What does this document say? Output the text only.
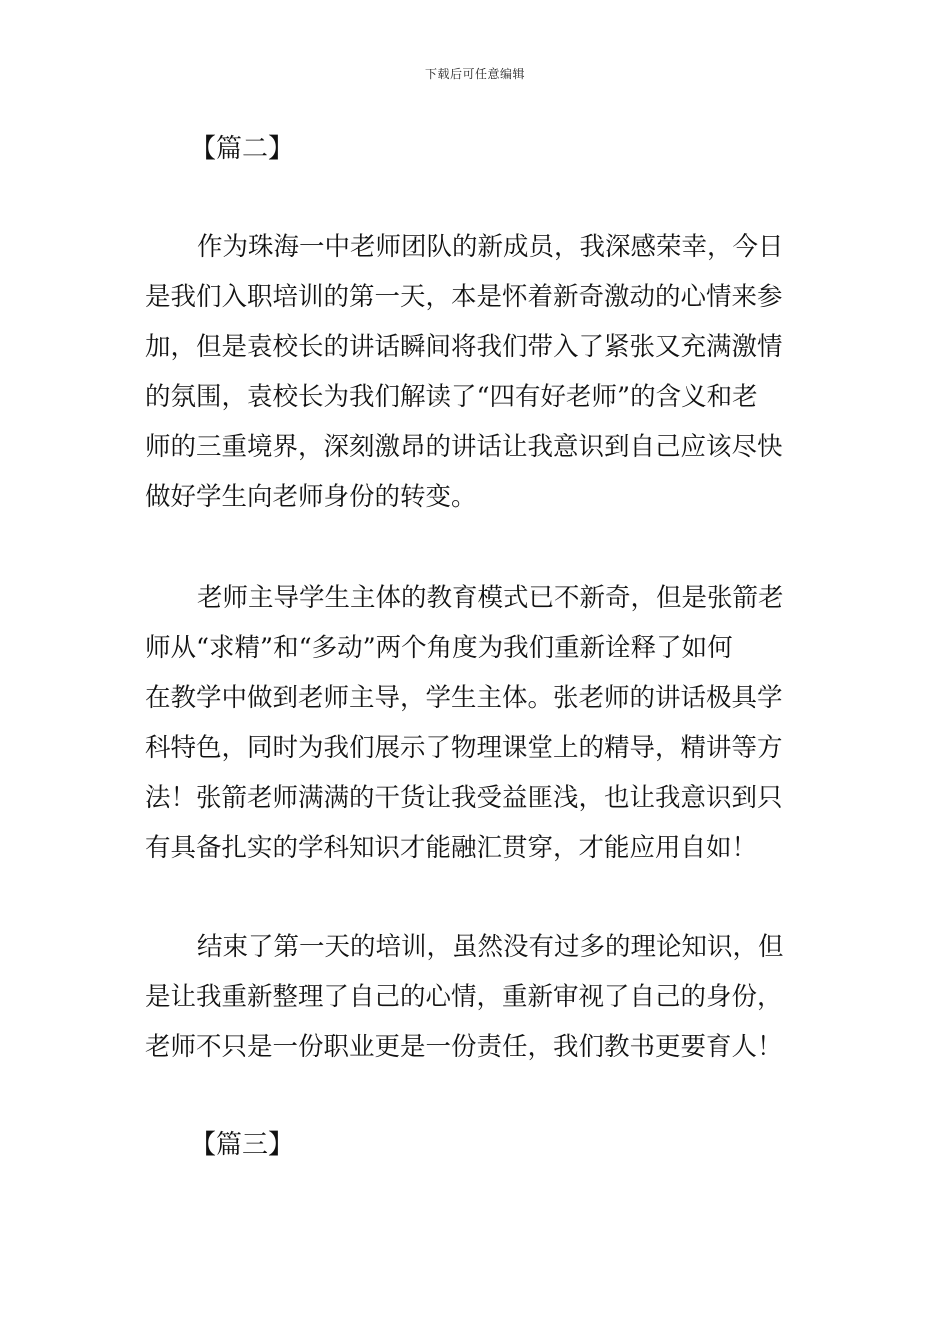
下载后可任意编辑
【篇二】
作为珠海一中老师团队的新成员，我深感荣幸，今日
是我们入职培训的第一天，本是怀着新奇激动的心情来参
加，但是袁校长的讲话瞬间将我们带入了紧张又充满激情
的氛围，袁校长为我们解读了“四有好老师”的含义和老
师的三重境界，深刻激昂的讲话让我意识到自己应该尽快
做好学生向老师身份的转变。
老师主导学生主体的教育模式已不新奇，但是张箭老
师从“求精”和“多动”两个角度为我们重新诠释了如何
在教学中做到老师主导，学生主体。张老师的讲话极具学
科特色，同时为我们展示了物理课堂上的精导，精讲等方
法！张箭老师满满的干货让我受益匪浅，也让我意识到只
有具备扎实的学科知识才能融汇贯穿，才能应用自如！
结束了第一天的培训，虽然没有过多的理论知识，但
是让我重新整理了自己的心情，重新审视了自己的身份，
老师不只是一份职业更是一份责任，我们教书更要育人！
【篇三】
